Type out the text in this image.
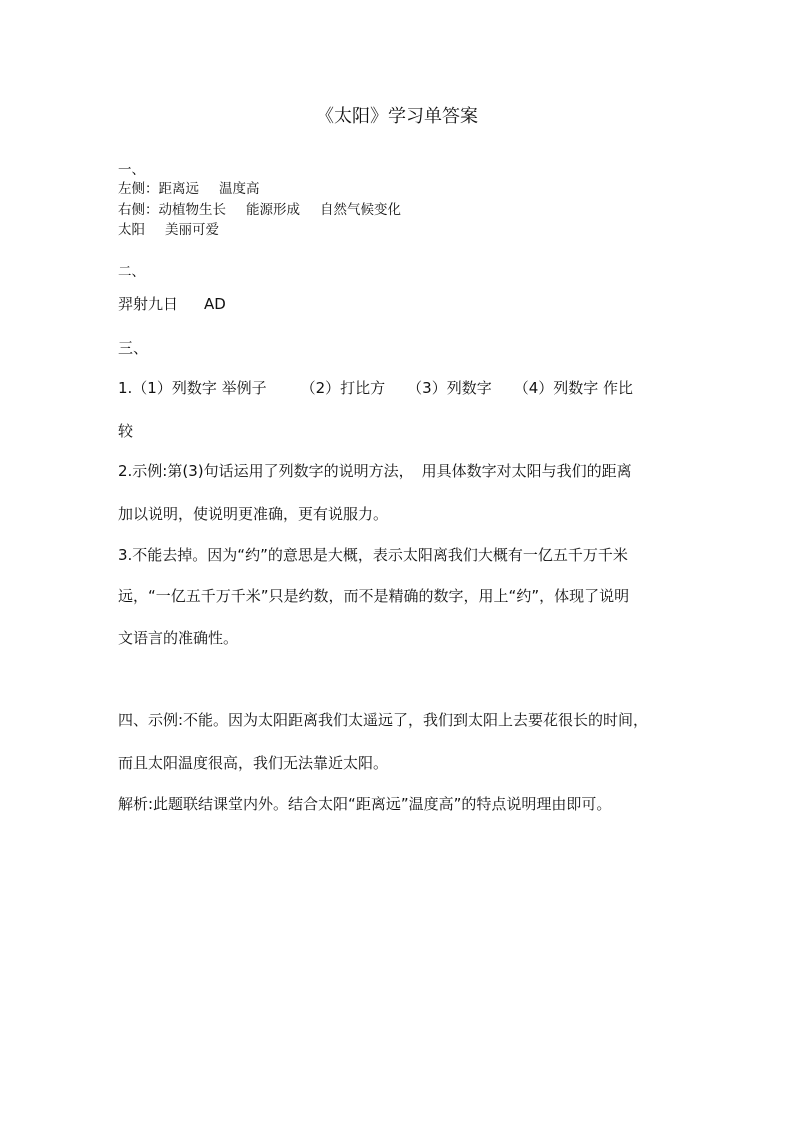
《太阳》学习单答案
一、
左侧：距离远 温度高
右侧：动植物生长 能源形成 自然气候变化
太阳 美丽可爱
二、
羿射九日 AD
三、
1.（1）列数字 举例子 （2）打比方 （3）列数字 （4）列数字 作比
较
2.示例:第(3)句话运用了列数字的说明方法， 用具体数字对太阳与我们的距离
加以说明，使说明更准确，更有说服力。
3.不能去掉。因为“约”的意思是大概，表示太阳离我们大概有一亿五千万千米
远，“一亿五千万千米”只是约数，而不是精确的数字，用上“约”，体现了说明
文语言的准确性。
四、示例:不能。因为太阳距离我们太遥远了，我们到太阳上去要花很长的时间，
而且太阳温度很高，我们无法靠近太阳。
解析:此题联结课堂内外。结合太阳“距离远”温度高”的特点说明理由即可。
